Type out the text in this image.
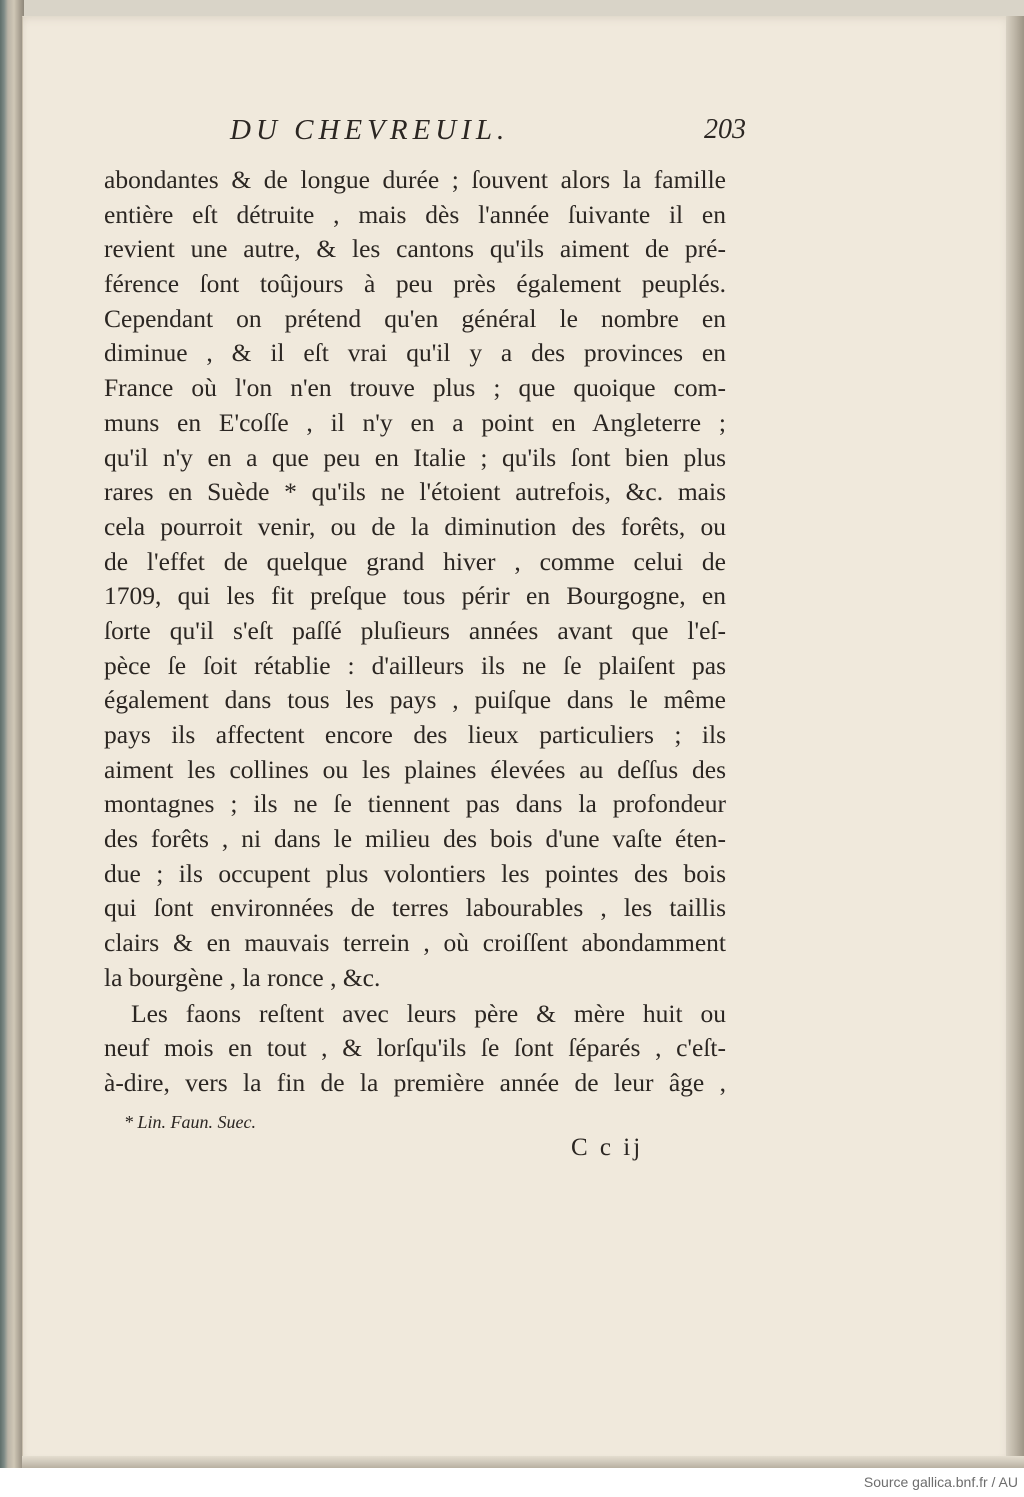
DU CHEVREUIL.	203
abondantes & de longue durée ; ſouvent alors la famille
entière eſt détruite , mais dès l'année ſuivante il en
revient une autre, & les cantons qu'ils aiment de pré-
férence ſont toûjours à peu près également peuplés.
Cependant on prétend qu'en général le nombre en
diminue , & il eſt vrai qu'il y a des provinces en
France où l'on n'en trouve plus ; que quoique com-
muns en E'coſſe , il n'y en a point en Angleterre ;
qu'il n'y en a que peu en Italie ; qu'ils ſont bien plus
rares en Suède * qu'ils ne l'étoient autrefois, &c. mais
cela pourroit venir, ou de la diminution des forêts, ou
de l'effet de quelque grand hiver , comme celui de
1709, qui les fit preſque tous périr en Bourgogne, en
ſorte qu'il s'eſt paſſé pluſieurs années avant que l'eſ-
pèce ſe ſoit rétablie : d'ailleurs ils ne ſe plaiſent pas
également dans tous les pays , puiſque dans le même
pays ils affectent encore des lieux particuliers ; ils
aiment les collines ou les plaines élevées au deſſus des
montagnes ; ils ne ſe tiennent pas dans la profondeur
des forêts , ni dans le milieu des bois d'une vaſte éten-
due ; ils occupent plus volontiers les pointes des bois
qui ſont environnées de terres labourables , les taillis
clairs & en mauvais terrein , où croiſſent abondamment
la bourgène , la ronce , &c.
Les faons reſtent avec leurs père & mère huit ou
neuf mois en tout , & lorſqu'ils ſe ſont ſéparés , c'eſt-
à-dire, vers la fin de la première année de leur âge ,
* Lin. Faun. Suec.
C c ij
Source gallica.bnf.fr / AU
